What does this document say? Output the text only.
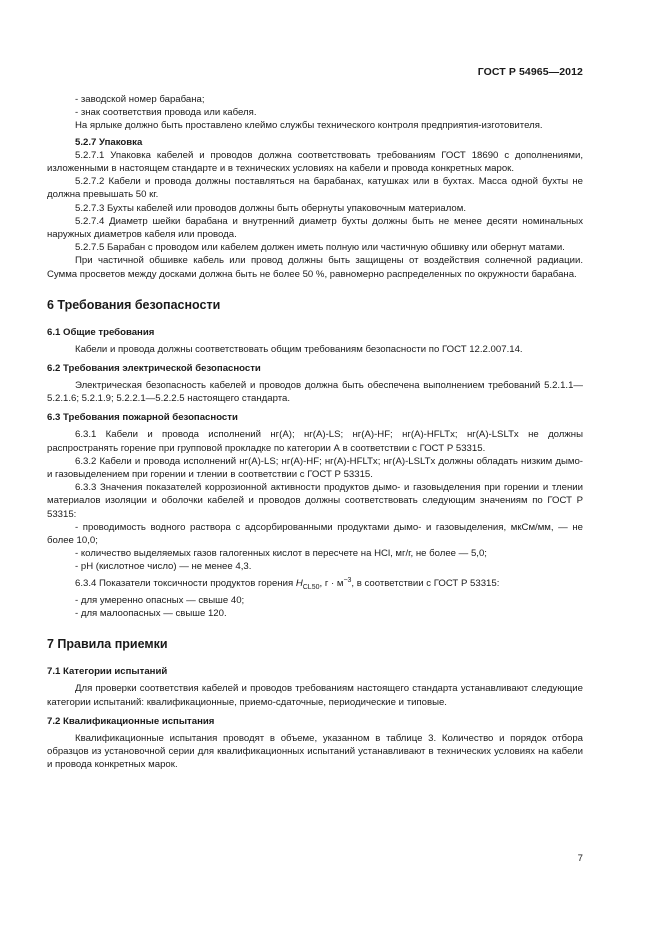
ГОСТ Р 54965—2012

- заводской номер барабана;

- знак соответствия провода или кабеля.

На ярлыке должно быть проставлено клеймо службы технического контроля предприятия-изготовителя.

5.2.7 Упаковка

5.2.7.1 Упаковка кабелей и проводов должна соответствовать требованиям ГОСТ 18690 с дополнениями, изложенными в настоящем стандарте и в технических условиях на кабели и провода конкретных марок.

5.2.7.2 Кабели и провода должны поставляться на барабанах, катушках или в бухтах. Масса одной бухты не должна превышать 50 кг.

5.2.7.3 Бухты кабелей или проводов должны быть обернуты упаковочным материалом.

5.2.7.4 Диаметр шейки барабана и внутренний диаметр бухты должны быть не менее десяти номинальных наружных диаметров кабеля или провода.

5.2.7.5 Барабан с проводом или кабелем должен иметь полную или частичную обшивку или обернут матами.

При частичной обшивке кабель или провод должны быть защищены от воздействия солнечной радиации. Сумма просветов между досками должна быть не более 50 %, равномерно распределенных по окружности барабана.

6 Требования безопасности
6.1 Общие требования

Кабели и провода должны соответствовать общим требованиям безопасности по ГОСТ 12.2.007.14.

6.2 Требования электрической безопасности

Электрическая безопасность кабелей и проводов должна быть обеспечена выполнением требований 5.2.1.1—5.2.1.6; 5.2.1.9; 5.2.2.1—5.2.2.5 настоящего стандарта.

6.3 Требования пожарной безопасности

6.3.1 Кабели и провода исполнений нг(А); нг(А)-LS; нг(А)-HF; нг(А)-HFLTx; нг(А)-LSLTx не должны распространять горение при групповой прокладке по категории А в соответствии с ГОСТ Р 53315.

6.3.2 Кабели и провода исполнений нг(А)-LS; нг(А)-HF; нг(А)-HFLTx; нг(А)-LSLTx должны обладать низким дымо- и газовыделением при горении и тлении в соответствии с ГОСТ Р 53315.

6.3.3 Значения показателей коррозионной активности продуктов дымо- и газовыделения при горении и тлении материалов изоляции и оболочки кабелей и проводов должны соответствовать следующим значениям по ГОСТ Р 53315:

- проводимость водного раствора с адсорбированными продуктами дымо- и газовыделения, мкСм/мм, — не более 10,0;

- количество выделяемых газов галогенных кислот в пересчете на HCl, мг/г, не более — 5,0;

- pH (кислотное число) — не менее 4,3.

6.3.4 Показатели токсичности продуктов горения $H_{CL50}$, $г \cdot м^{-3}$, в соответствии с ГОСТ Р 53315:

- для умеренно опасных — свыше 40;

- для малоопасных — свыше 120.

7 Правила приемки
7.1 Категории испытаний

Для проверки соответствия кабелей и проводов требованиям настоящего стандарта устанавливают следующие категории испытаний: квалификационные, приемо-сдаточные, периодические и типовые.

7.2 Квалификационные испытания

Квалификационные испытания проводят в объеме, указанном в таблице 3. Количество и порядок отбора образцов из установочной серии для квалификационных испытаний устанавливают в технических условиях на кабели и провода конкретных марок.

7
